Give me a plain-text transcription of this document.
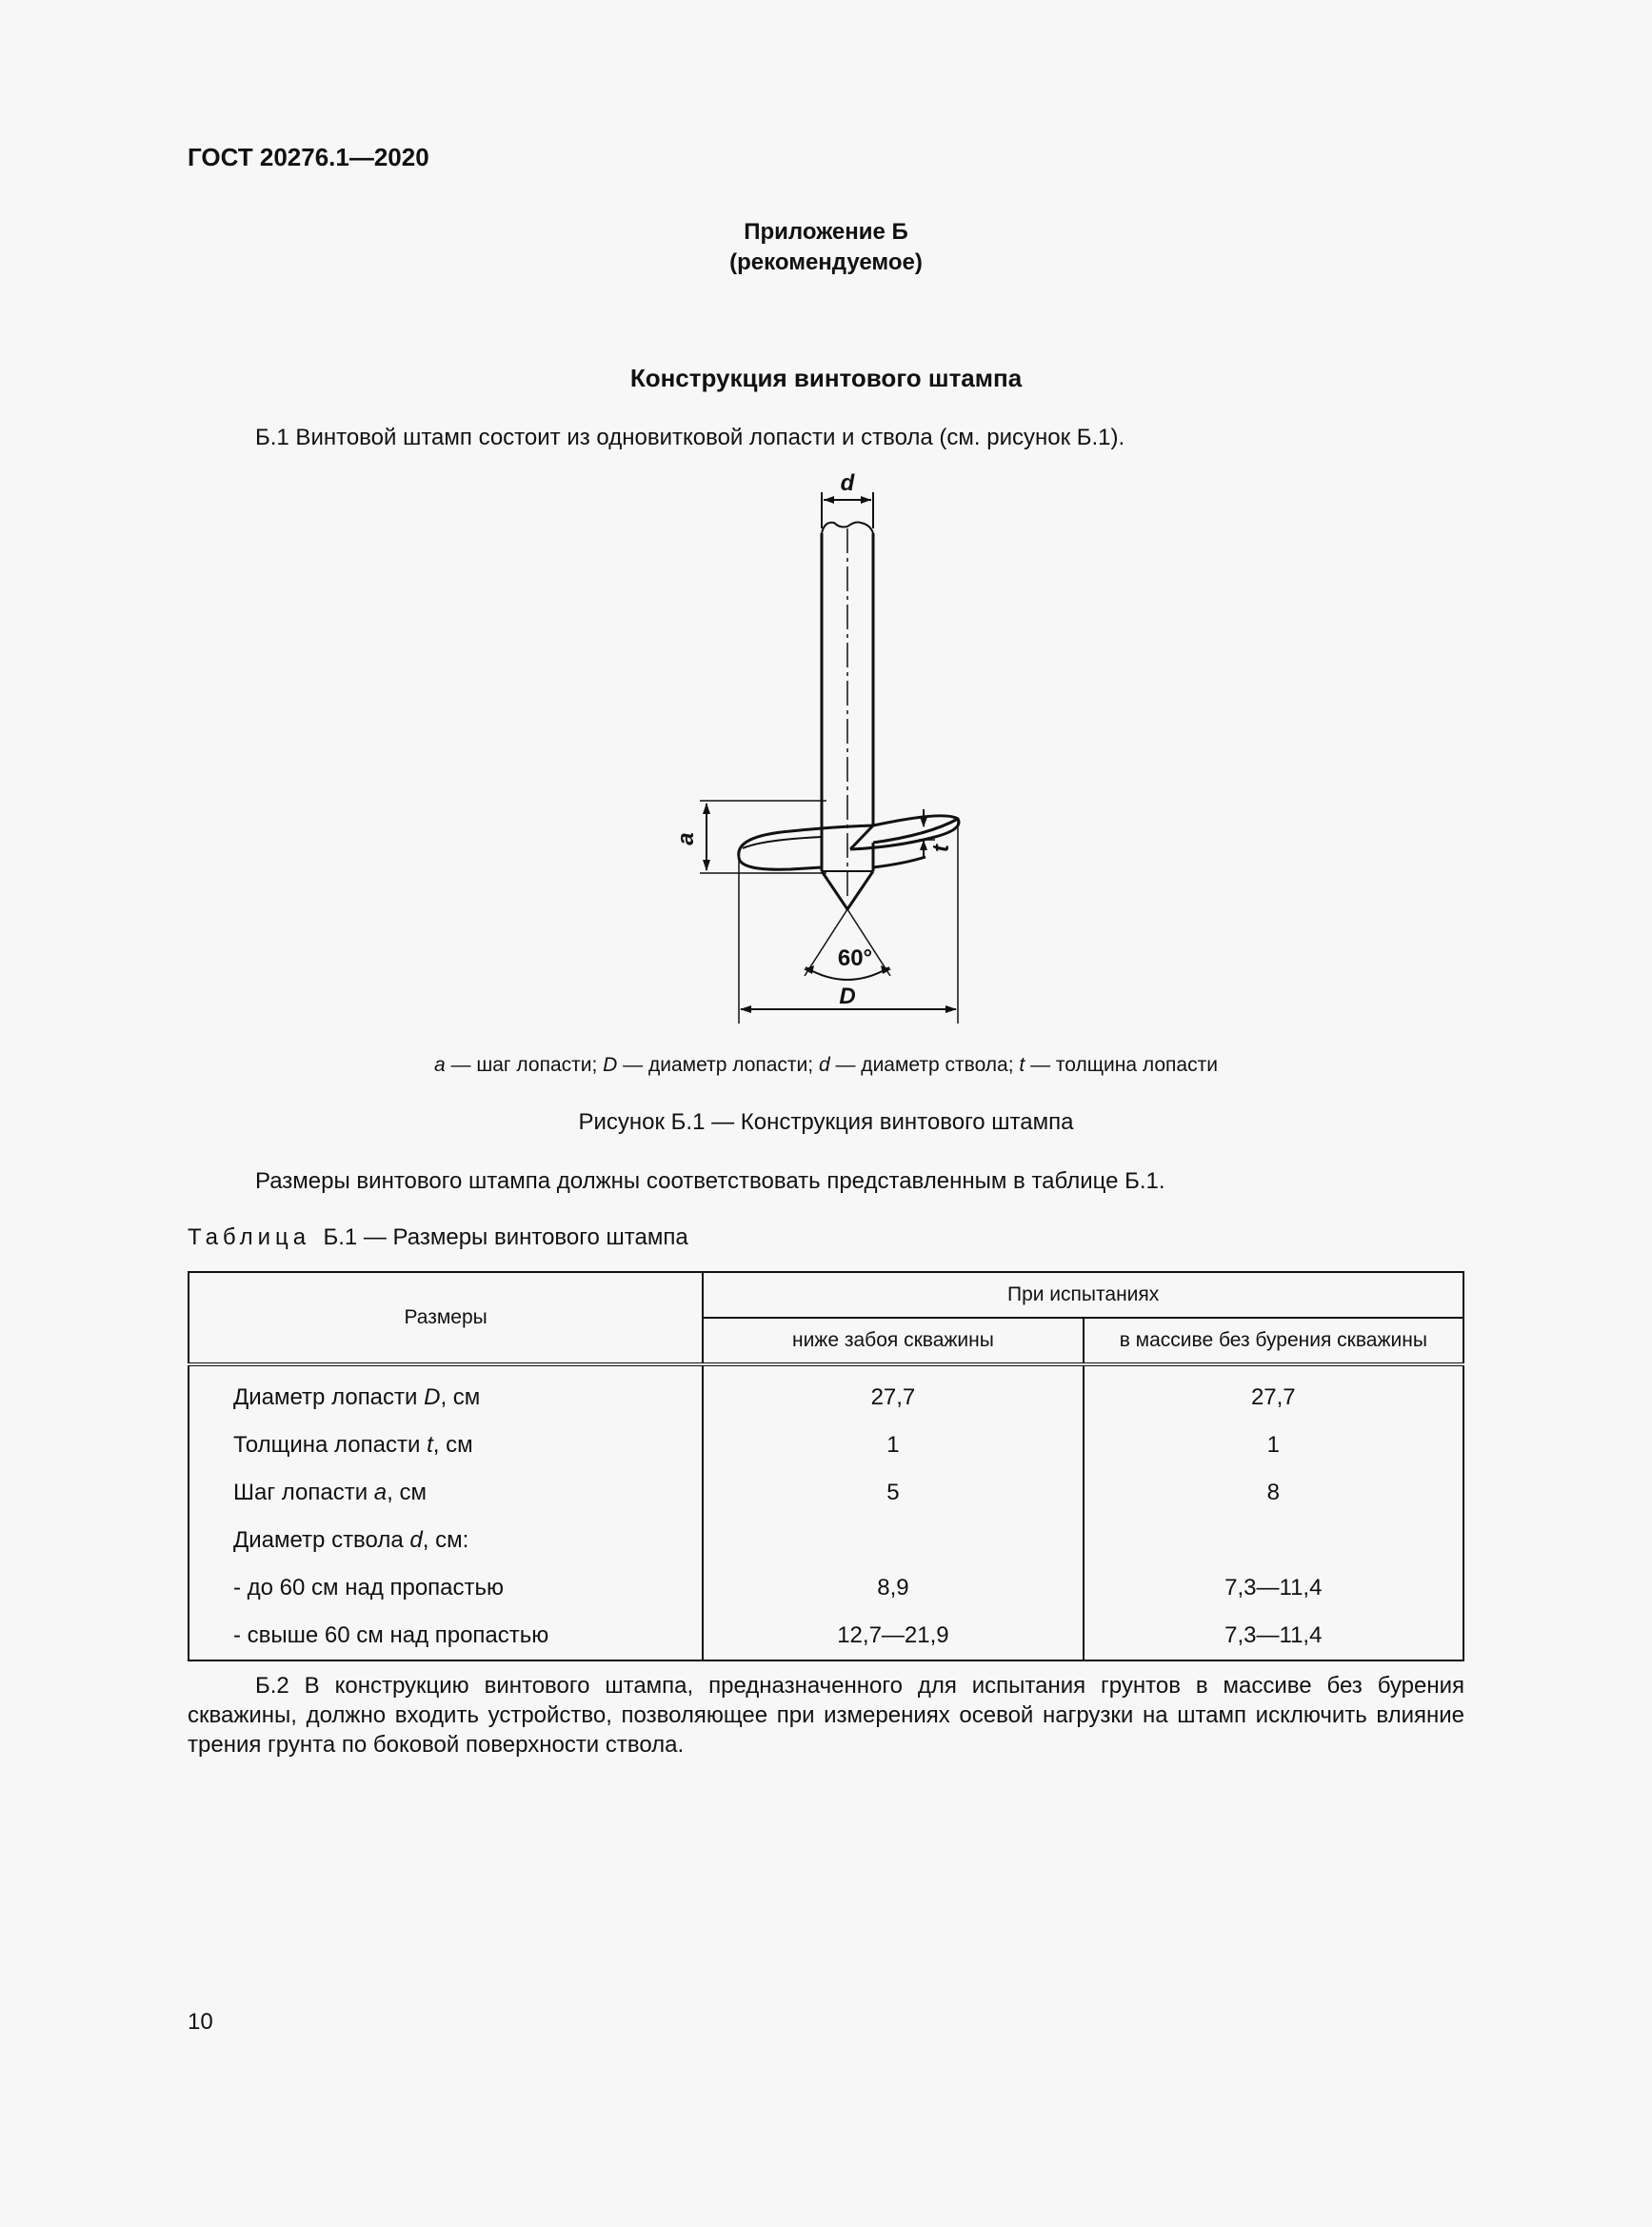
ГОСТ 20276.1—2020
Приложение Б
(рекомендуемое)
Конструкция винтового штампа
Б.1 Винтовой штамп состоит из одновитковой лопасти и ствола (см. рисунок Б.1).
d
a
t
60°
D
a — шаг лопасти; D — диаметр лопасти; d — диаметр ствола; t — толщина лопасти
Рисунок Б.1 — Конструкция винтового штампа
Размеры винтового штампа должны соответствовать представленным в таблице Б.1.
Таблица  Б.1 — Размеры винтового штампа
Размеры	При испытаниях	
	ниже забоя скважины	в массиве без бурения скважины
Диаметр лопасти D, см	27,7	27,7
Толщина лопасти t, см	1	1
Шаг лопасти a, см	5	8
Диаметр ствола d, см:		
- до 60 см над пропастью	8,9	7,3—11,4
- свыше 60 см над пропастью	12,7—21,9	7,3—11,4
Б.2 В конструкцию винтового штампа, предназначенного для испытания грунтов в массиве без бурения скважины, должно входить устройство, позволяющее при измерениях осевой нагрузки на штамп исключить влияние трения грунта по боковой поверхности ствола.
10
